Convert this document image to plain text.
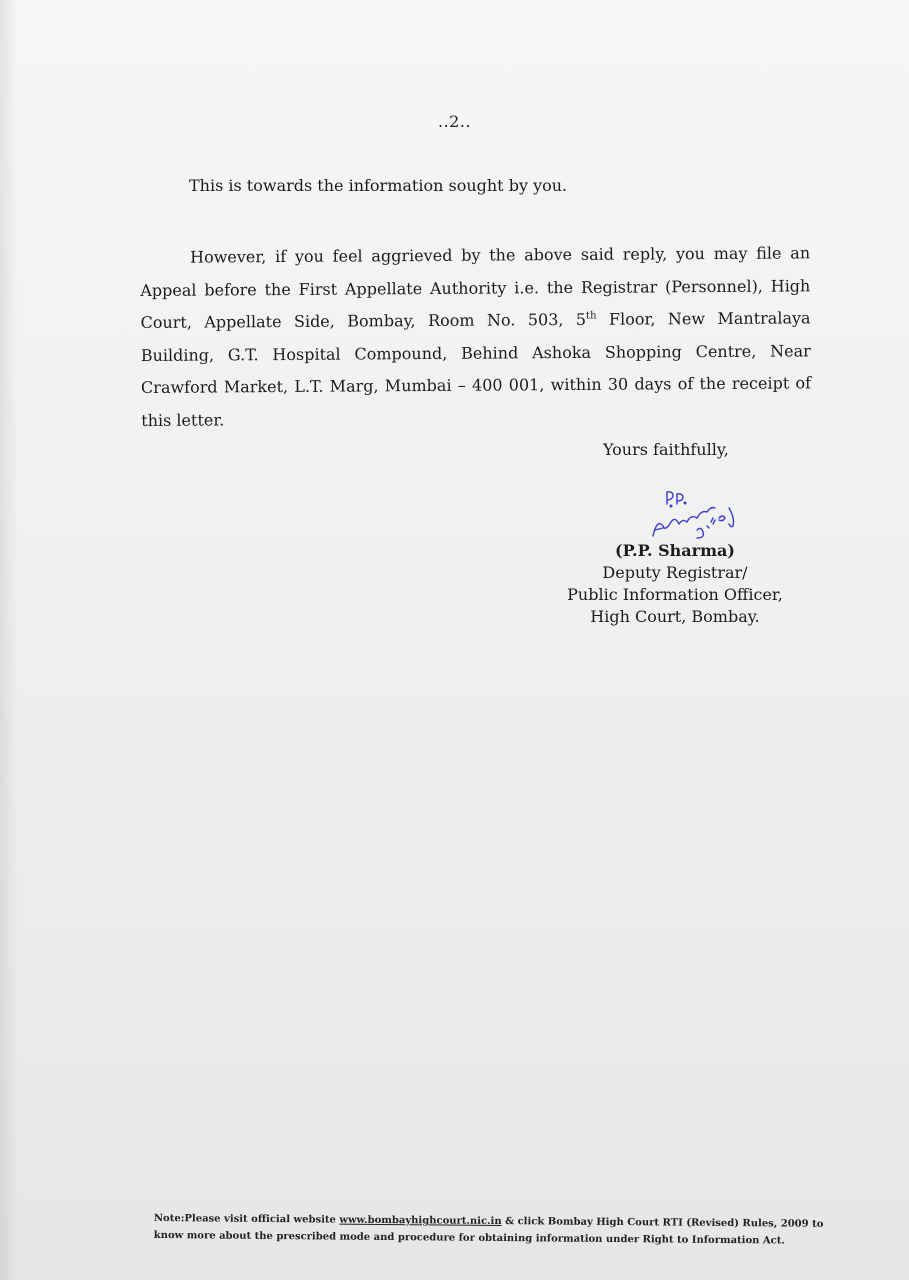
..2..
This is towards the information sought by you.
However, if you feel aggrieved by the above said reply, you may file an Appeal before the First Appellate Authority i.e. the Registrar (Personnel), High Court, Appellate Side, Bombay, Room No. 503, 5th Floor, New Mantralaya Building, G.T. Hospital Compound, Behind Ashoka Shopping Centre, Near Crawford Market, L.T. Marg, Mumbai – 400 001, within 30 days of the receipt of this letter.
Yours faithfully,
(P.P. Sharma)
Deputy Registrar/
Public Information Officer,
High Court, Bombay.
Note:Please visit official website www.bombayhighcourt.nic.in & click Bombay High Court RTI (Revised) Rules, 2009 to know more about the prescribed mode and procedure for obtaining information under Right to Information Act.
